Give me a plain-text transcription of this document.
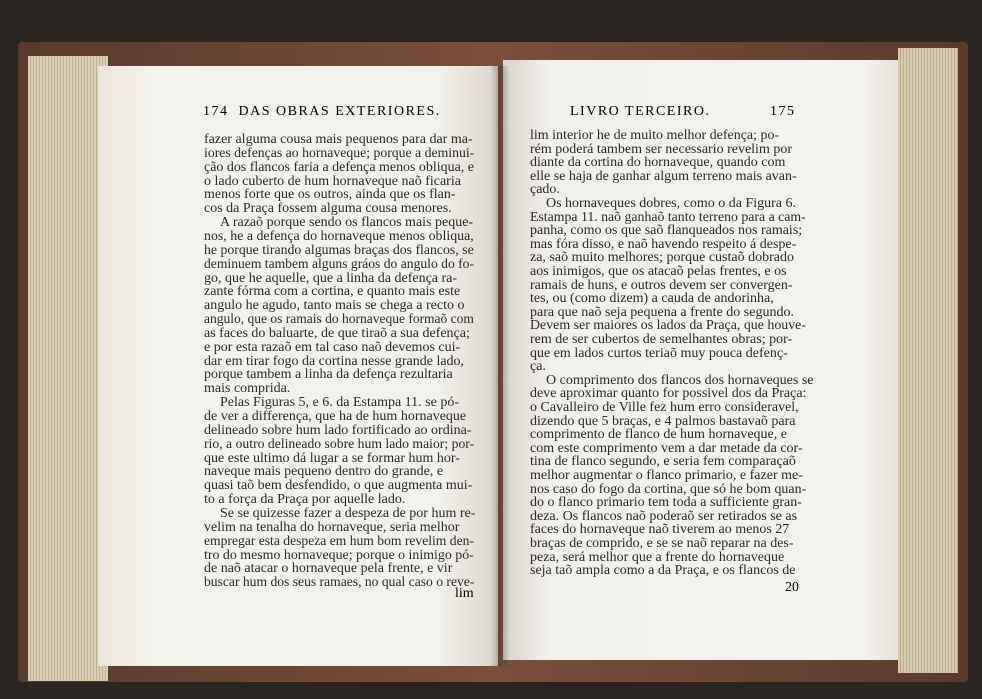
174 DAS OBRAS EXTERIORES.	LIVRO TERCEIRO.	175
fazer alguma cousa mais pequenos para dar ma-
iores defenças ao hornaveque; porque a deminui-
ção dos flancos faria a defença menos obliqua, e
o lado cuberto de hum hornaveque naõ ficaria
menos forte que os outros, ainda que os flan-
cos da Praça fossem alguma cousa menores.
A razaõ porque sendo os flancos mais peque-
nos, he a defença do hornaveque menos obliqua,
he porque tirando algumas braças dos flancos, se
deminuem tambem alguns gráos do angulo do fo-
go, que he aquelle, que a linha da defença ra-
zante fórma com a cortina, e quanto mais este
angulo he agudo, tanto mais se chega a recto o
angulo, que os ramais do hornaveque formaõ com
as faces do baluarte, de que tiraõ a sua defença;
e por esta razaõ em tal caso naõ devemos cui-
dar em tirar fogo da cortina nesse grande lado,
porque tambem a linha da defença rezultaria
mais comprida.
Pelas Figuras 5, e 6. da Estampa 11. se pó-
de ver a differença, que ha de hum hornaveque
delineado sobre hum lado fortificado ao ordina-
rio, a outro delineado sobre hum lado maior; por-
que este ultimo dá lugar a se formar hum hor-
naveque mais pequeno dentro do grande, e
quasi taõ bem desfendido, o que augmenta mui-
to a força da Praça por aquelle lado.
Se se quizesse fazer a despeza de por hum re-
velim na tenalha do hornaveque, seria melhor
empregar esta despeza em hum bom revelim den-
tro do mesmo hornaveque; porque o inimigo pó-
de naõ atacar o hornaveque pela frente, e vir
buscar hum dos seus ramaes, no qual caso o reve-
lim
lim interior he de muito melhor defença; po-
rém poderá tambem ser necessario revelim por
diante da cortina do hornaveque, quando com
elle se haja de ganhar algum terreno mais avan-
çado.
Os hornaveques dobres, como o da Figura 6.
Estampa 11. naõ ganhaõ tanto terreno para a cam-
panha, como os que saõ flanqueados nos ramais;
mas fóra disso, e naõ havendo respeito á despe-
za, saõ muito melhores; porque custaõ dobrado
aos inimigos, que os atacaõ pelas frentes, e os
ramais de huns, e outros devem ser convergen-
tes, ou (como dizem) a cauda de andorinha,
para que naõ seja pequena a frente do segundo.
Devem ser maiores os lados da Praça, que houve-
rem de ser cubertos de semelhantes obras; por-
que em lados curtos teriaõ muy pouca defenç-
ça.
O comprimento dos flancos dos hornaveques se
deve aproximar quanto for possivel dos da Praça:
o Cavalleiro de Ville fez hum erro consideravel,
dizendo que 5 braças, e 4 palmos bastavaõ para
comprimento de flanco de hum hornaveque, e
com este comprimento vem a dar metade da cor-
tina de flanco segundo, e seria fem comparaçaõ
melhor augmentar o flanco primario, e fazer me-
nos caso do fogo da cortina, que só he bom quan-
do o flanco primario tem toda a sufficiente gran-
deza. Os flancos naõ poderaõ ser retirados se as
faces do hornaveque naõ tiverem ao menos 27
braças de comprido, e se se naõ reparar na des-
peza, será melhor que a frente do hornaveque
seja taõ ampla como a da Praça, e os flancos de
20
